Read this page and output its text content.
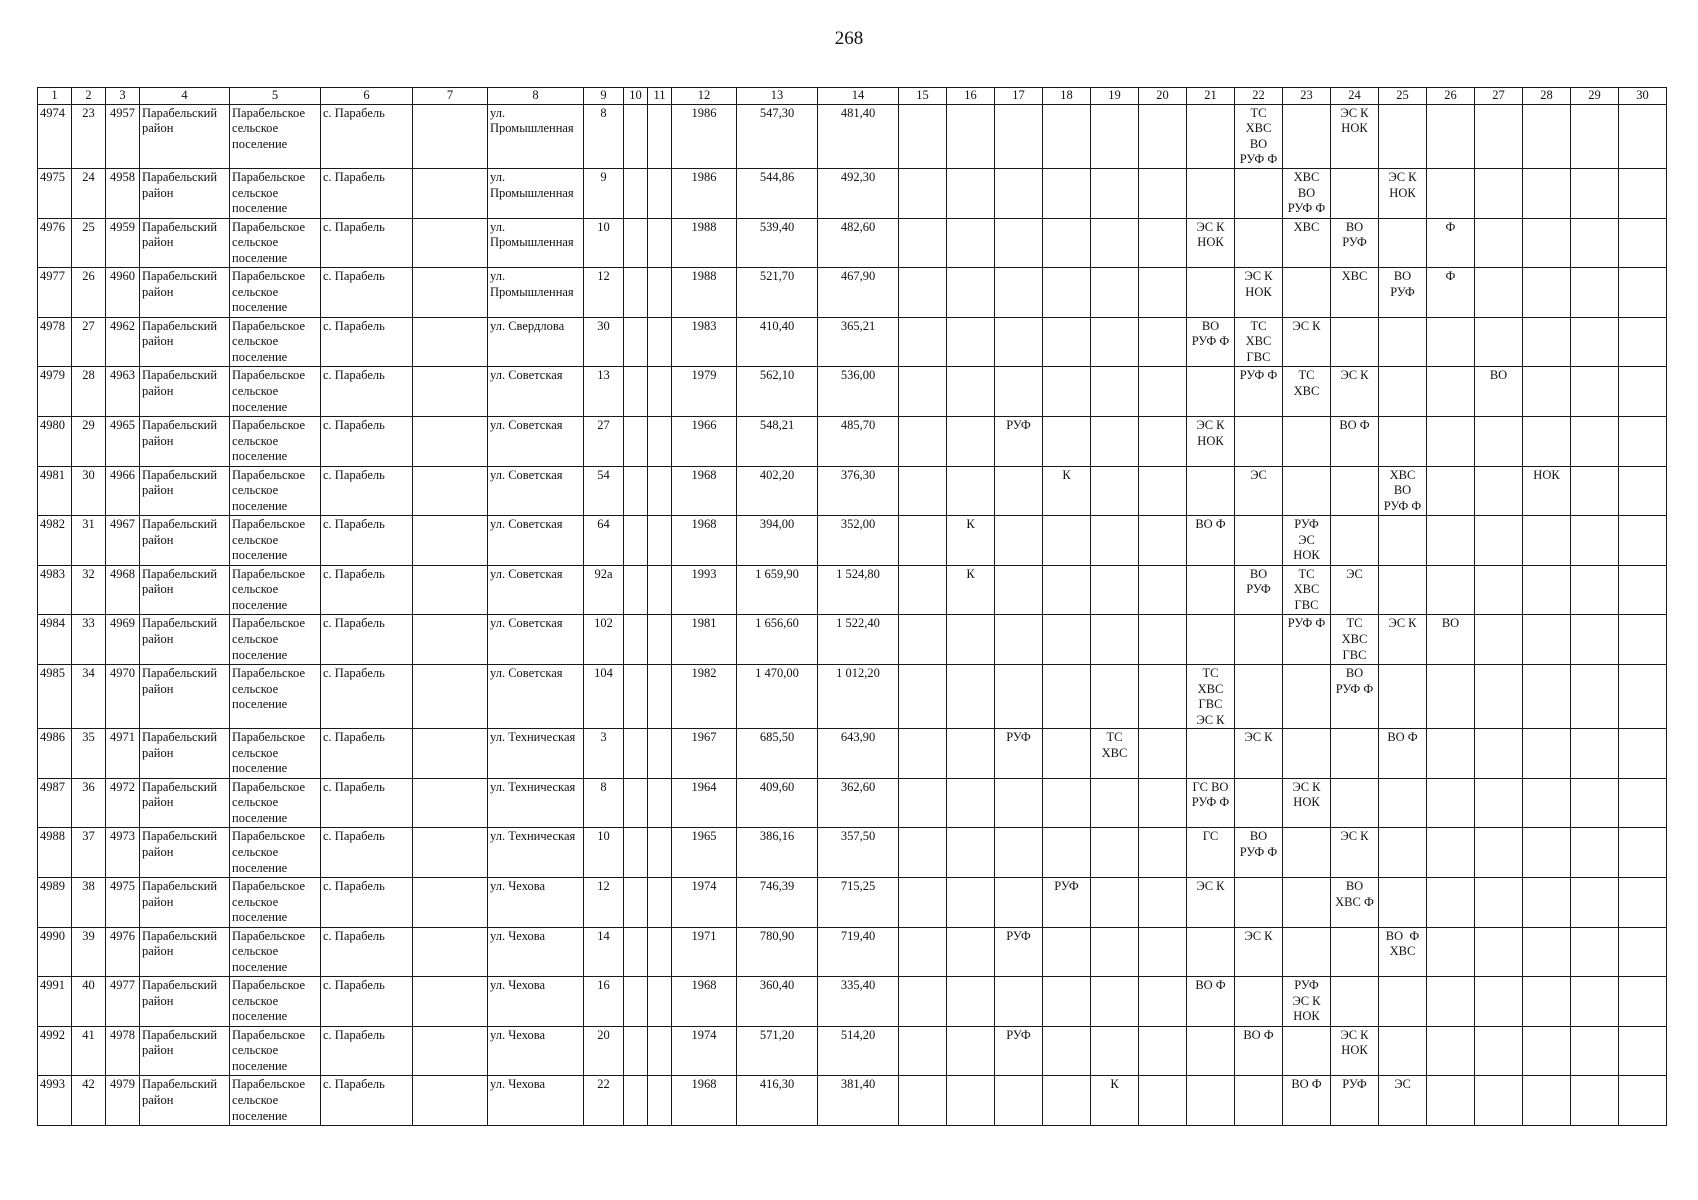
268
1	2	3	4	5	6	7	8	9	10	11	12	13	14	15	16	17	18	19	20	21	22	23	24	25	26	27	28	29	30
4974	23	4957	Парабельский
район	Парабельское
сельское
поселение	с. Парабель		ул.
Промышленная	8			1986	547,30	481,40								ТС
ХВС
ВО
РУФ Ф		ЭС К
НОК						
4975	24	4958	Парабельский
район	Парабельское
сельское
поселение	с. Парабель		ул.
Промышленная	9			1986	544,86	492,30									ХВС
ВО
РУФ Ф		ЭС К
НОК					
4976	25	4959	Парабельский
район	Парабельское
сельское
поселение	с. Парабель		ул.
Промышленная	10			1988	539,40	482,60							ЭС К
НОК		ХВС	ВО
РУФ		Ф				
4977	26	4960	Парабельский
район	Парабельское
сельское
поселение	с. Парабель		ул.
Промышленная	12			1988	521,70	467,90								ЭС К
НОК		ХВС	ВО
РУФ	Ф				
4978	27	4962	Парабельский
район	Парабельское
сельское
поселение	с. Парабель		ул. Свердлова	30			1983	410,40	365,21							ВО
РУФ Ф	ТС
ХВС
ГВС	ЭС К							
4979	28	4963	Парабельский
район	Парабельское
сельское
поселение	с. Парабель		ул. Советская	13			1979	562,10	536,00								РУФ Ф	ТС
ХВС	ЭС К			ВО			
4980	29	4965	Парабельский
район	Парабельское
сельское
поселение	с. Парабель		ул. Советская	27			1966	548,21	485,70			РУФ				ЭС К
НОК			ВО Ф						
4981	30	4966	Парабельский
район	Парабельское
сельское
поселение	с. Парабель		ул. Советская	54			1968	402,20	376,30				К				ЭС			ХВС
ВО
РУФ Ф			НОК		
4982	31	4967	Парабельский
район	Парабельское
сельское
поселение	с. Парабель		ул. Советская	64			1968	394,00	352,00		К					ВО Ф		РУФ
ЭС
НОК							
4983	32	4968	Парабельский
район	Парабельское
сельское
поселение	с. Парабель		ул. Советская	92а			1993	1 659,90	1 524,80		К						ВО
РУФ	ТС
ХВС
ГВС	ЭС						
4984	33	4969	Парабельский
район	Парабельское
сельское
поселение	с. Парабель		ул. Советская	102			1981	1 656,60	1 522,40									РУФ Ф	ТС
ХВС
ГВС	ЭС К	ВО				
4985	34	4970	Парабельский
район	Парабельское
сельское
поселение	с. Парабель		ул. Советская	104			1982	1 470,00	1 012,20							ТС
ХВС
ГВС
ЭС К			ВО
РУФ Ф						
4986	35	4971	Парабельский
район	Парабельское
сельское
поселение	с. Парабель		ул. Техническая	3			1967	685,50	643,90			РУФ		ТС
ХВС			ЭС К			ВО Ф					
4987	36	4972	Парабельский
район	Парабельское
сельское
поселение	с. Парабель		ул. Техническая	8			1964	409,60	362,60							ГС ВО
РУФ Ф		ЭС К
НОК							
4988	37	4973	Парабельский
район	Парабельское
сельское
поселение	с. Парабель		ул. Техническая	10			1965	386,16	357,50							ГС	ВО
РУФ Ф		ЭС К						
4989	38	4975	Парабельский
район	Парабельское
сельское
поселение	с. Парабель		ул. Чехова	12			1974	746,39	715,25				РУФ			ЭС К			ВО
ХВС Ф						
4990	39	4976	Парабельский
район	Парабельское
сельское
поселение	с. Парабель		ул. Чехова	14			1971	780,90	719,40			РУФ					ЭС К			ВО  Ф
ХВС					
4991	40	4977	Парабельский
район	Парабельское
сельское
поселение	с. Парабель		ул. Чехова	16			1968	360,40	335,40							ВО Ф		РУФ
ЭС К
НОК							
4992	41	4978	Парабельский
район	Парабельское
сельское
поселение	с. Парабель		ул. Чехова	20			1974	571,20	514,20			РУФ					ВО Ф		ЭС К
НОК						
4993	42	4979	Парабельский
район	Парабельское
сельское
поселение	с. Парабель		ул. Чехова	22			1968	416,30	381,40					К				ВО Ф	РУФ	ЭС					
